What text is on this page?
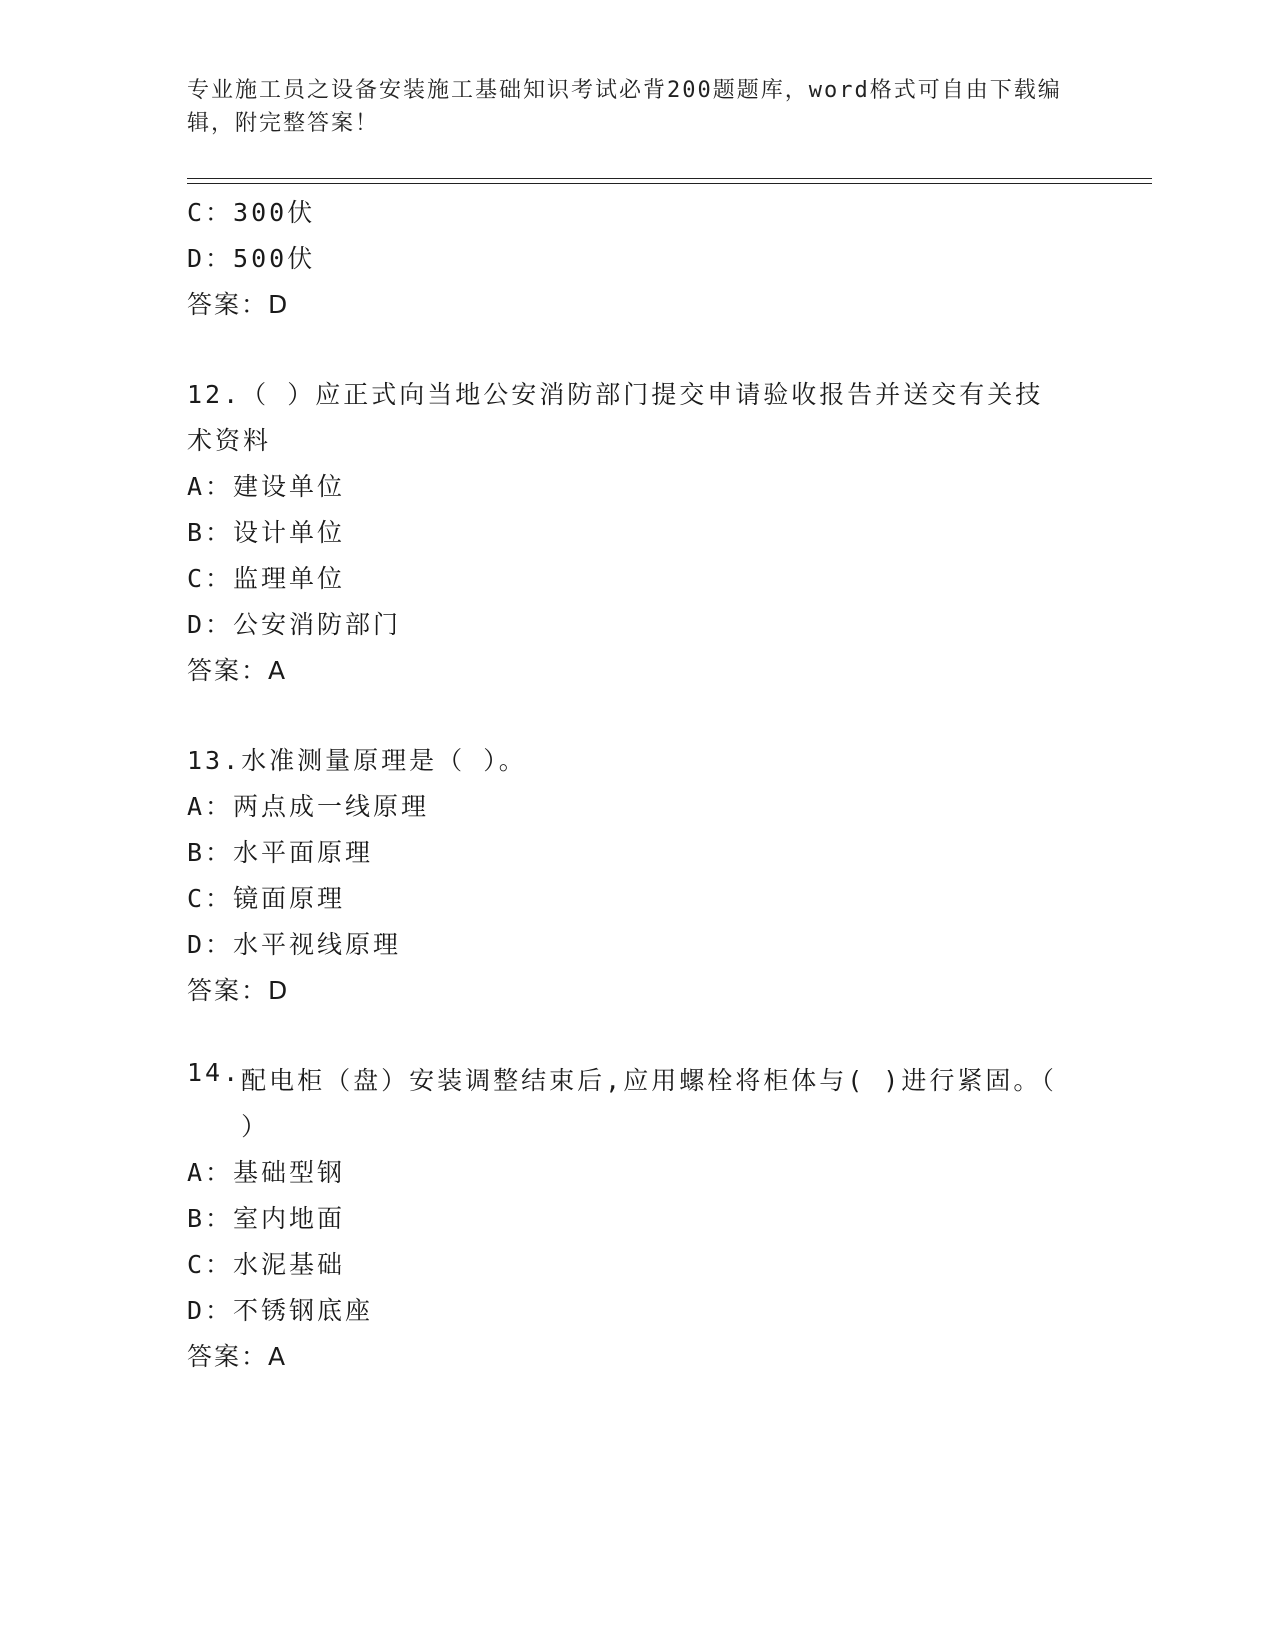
专业施工员之设备安装施工基础知识考试必背200题题库，word格式可自由下载编辑，附完整答案！
C：300伏
D：500伏
答案：D
12.（ ）应正式向当地公安消防部门提交申请验收报告并送交有关技术资料
A：建设单位
B：设计单位
C：监理单位
D：公安消防部门
答案：A
13.水准测量原理是（ ）。
A：两点成一线原理
B：水平面原理
C：镜面原理
D：水平视线原理
答案：D
14. 配电柜（盘）安装调整结束后,应用螺栓将柜体与( )进行紧固。（ ）
A：基础型钢
B：室内地面
C：水泥基础
D：不锈钢底座
答案：A
